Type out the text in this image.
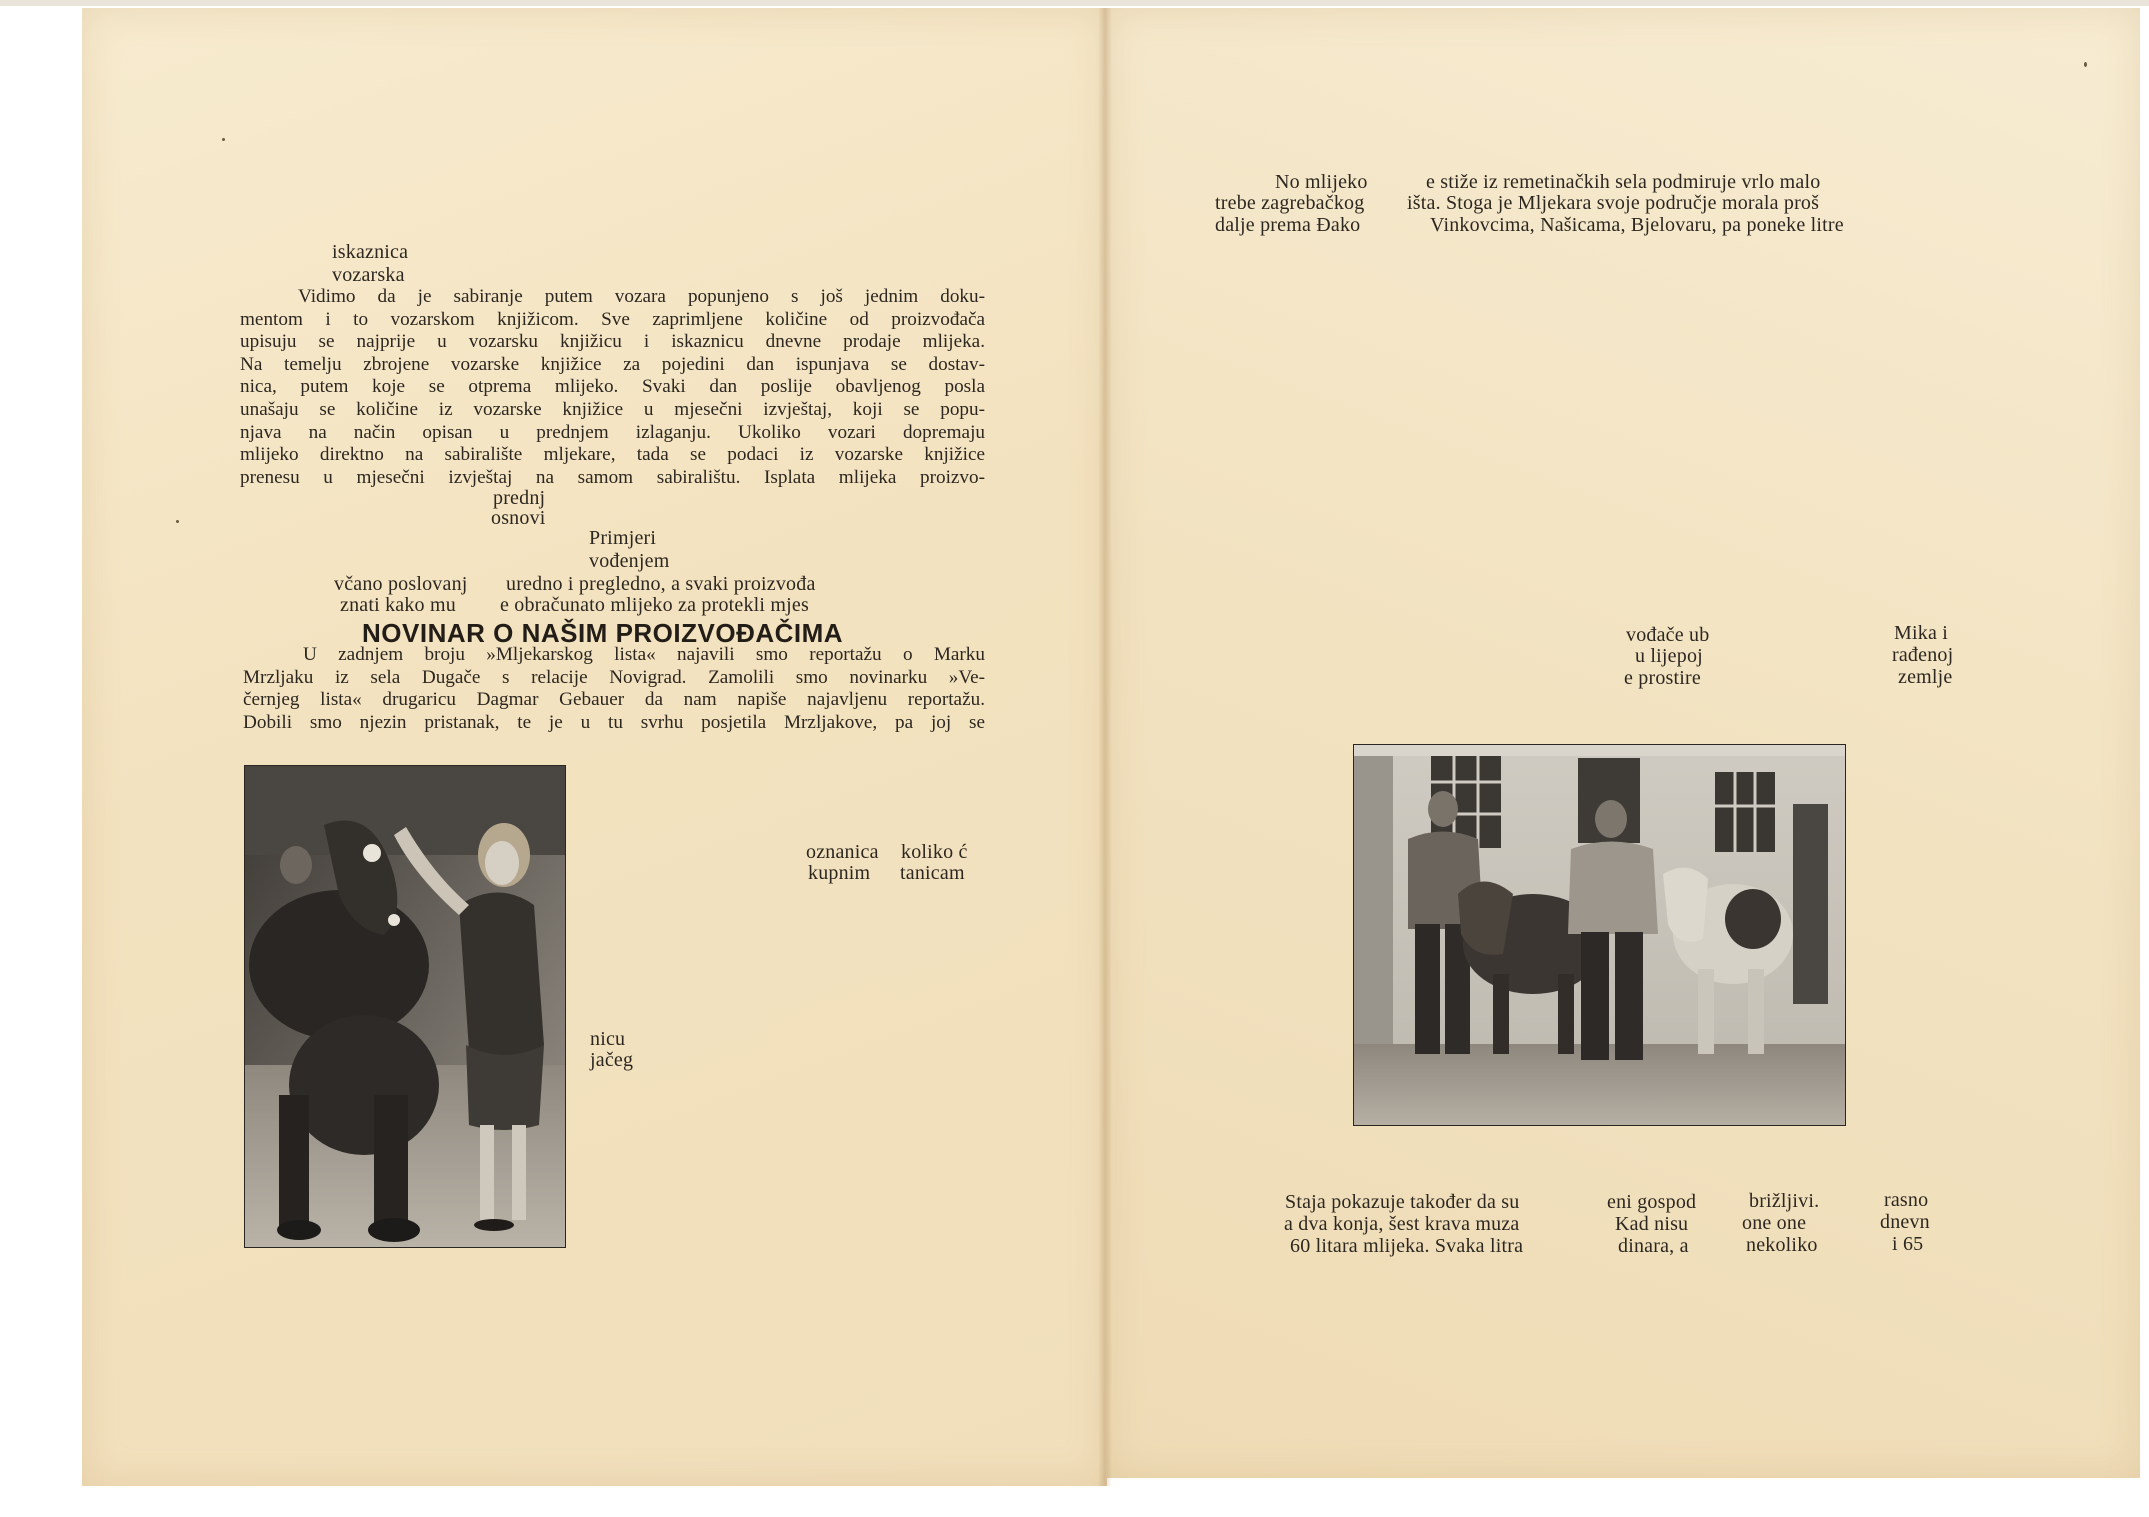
iskaznica
vozarska
Vidimo da je sabiranje putem vozara popunjeno s još jednim doku-
mentom i to vozarskom knjižicom. Sve zaprimljene količine od proizvođača
upisuju se najprije u vozarsku knjižicu i iskaznicu dnevne prodaje mlijeka.
Na temelju zbrojene vozarske knjižice za pojedini dan ispunjava se dostav-
nica, putem koje se otprema mlijeko. Svaki dan poslije obavljenog posla
unašaju se količine iz vozarske knjižice u mjesečni izvještaj, koji se popu-
njava na način opisan u prednjem izlaganju. Ukoliko vozari dopremaju
mlijeko direktno na sabiralište mljekare, tada se podaci iz vozarske knjižice
prenesu u mjesečni izvještaj na samom sabiralištu. Isplata mlijeka proizvo-
prednj
osnovi
Primjeri
vođenjem
včano poslovanj uredno i pregledno, a svaki proizvođa
znati kako mu e obračunato mlijeko za protekli mjes
NOVINAR O NAŠIM PROIZVOĐAČIMA
U zadnjem broju »Mljekarskog lista« najavili smo reportažu o Marku
Mrzljaku iz sela Dugače s relacije Novigrad. Zamolili smo novinarku »Ve-
černjeg lista« drugaricu Dagmar Gebauer da nam napiše najavljenu reportažu.
Dobili smo njezin pristanak, te je u tu svrhu posjetila Mrzljakove, pa joj se
oznanica koliko ć
kupnim tanicam
nicu
jačeg
No mlijeko
trebe zagrebačkog
dalje prema Đako
e stiže iz remetinačkih sela podmiruje vrlo malo
išta. Stoga je Mljekara svoje područje morala proš
Vinkovcima, Našicama, Bjelovaru, pa poneke litre
vođače ub
u lijepoj
e prostire
Mika i
rađenoj
zemlje
Staja pokazuje također da su
a dva konja, šest krava muza
60 litara mlijeka. Svaka litra
eni gospod
Kad nisu
dinara, a
brižljivi.
one one
nekoliko
rasno
dnevn
i 65
